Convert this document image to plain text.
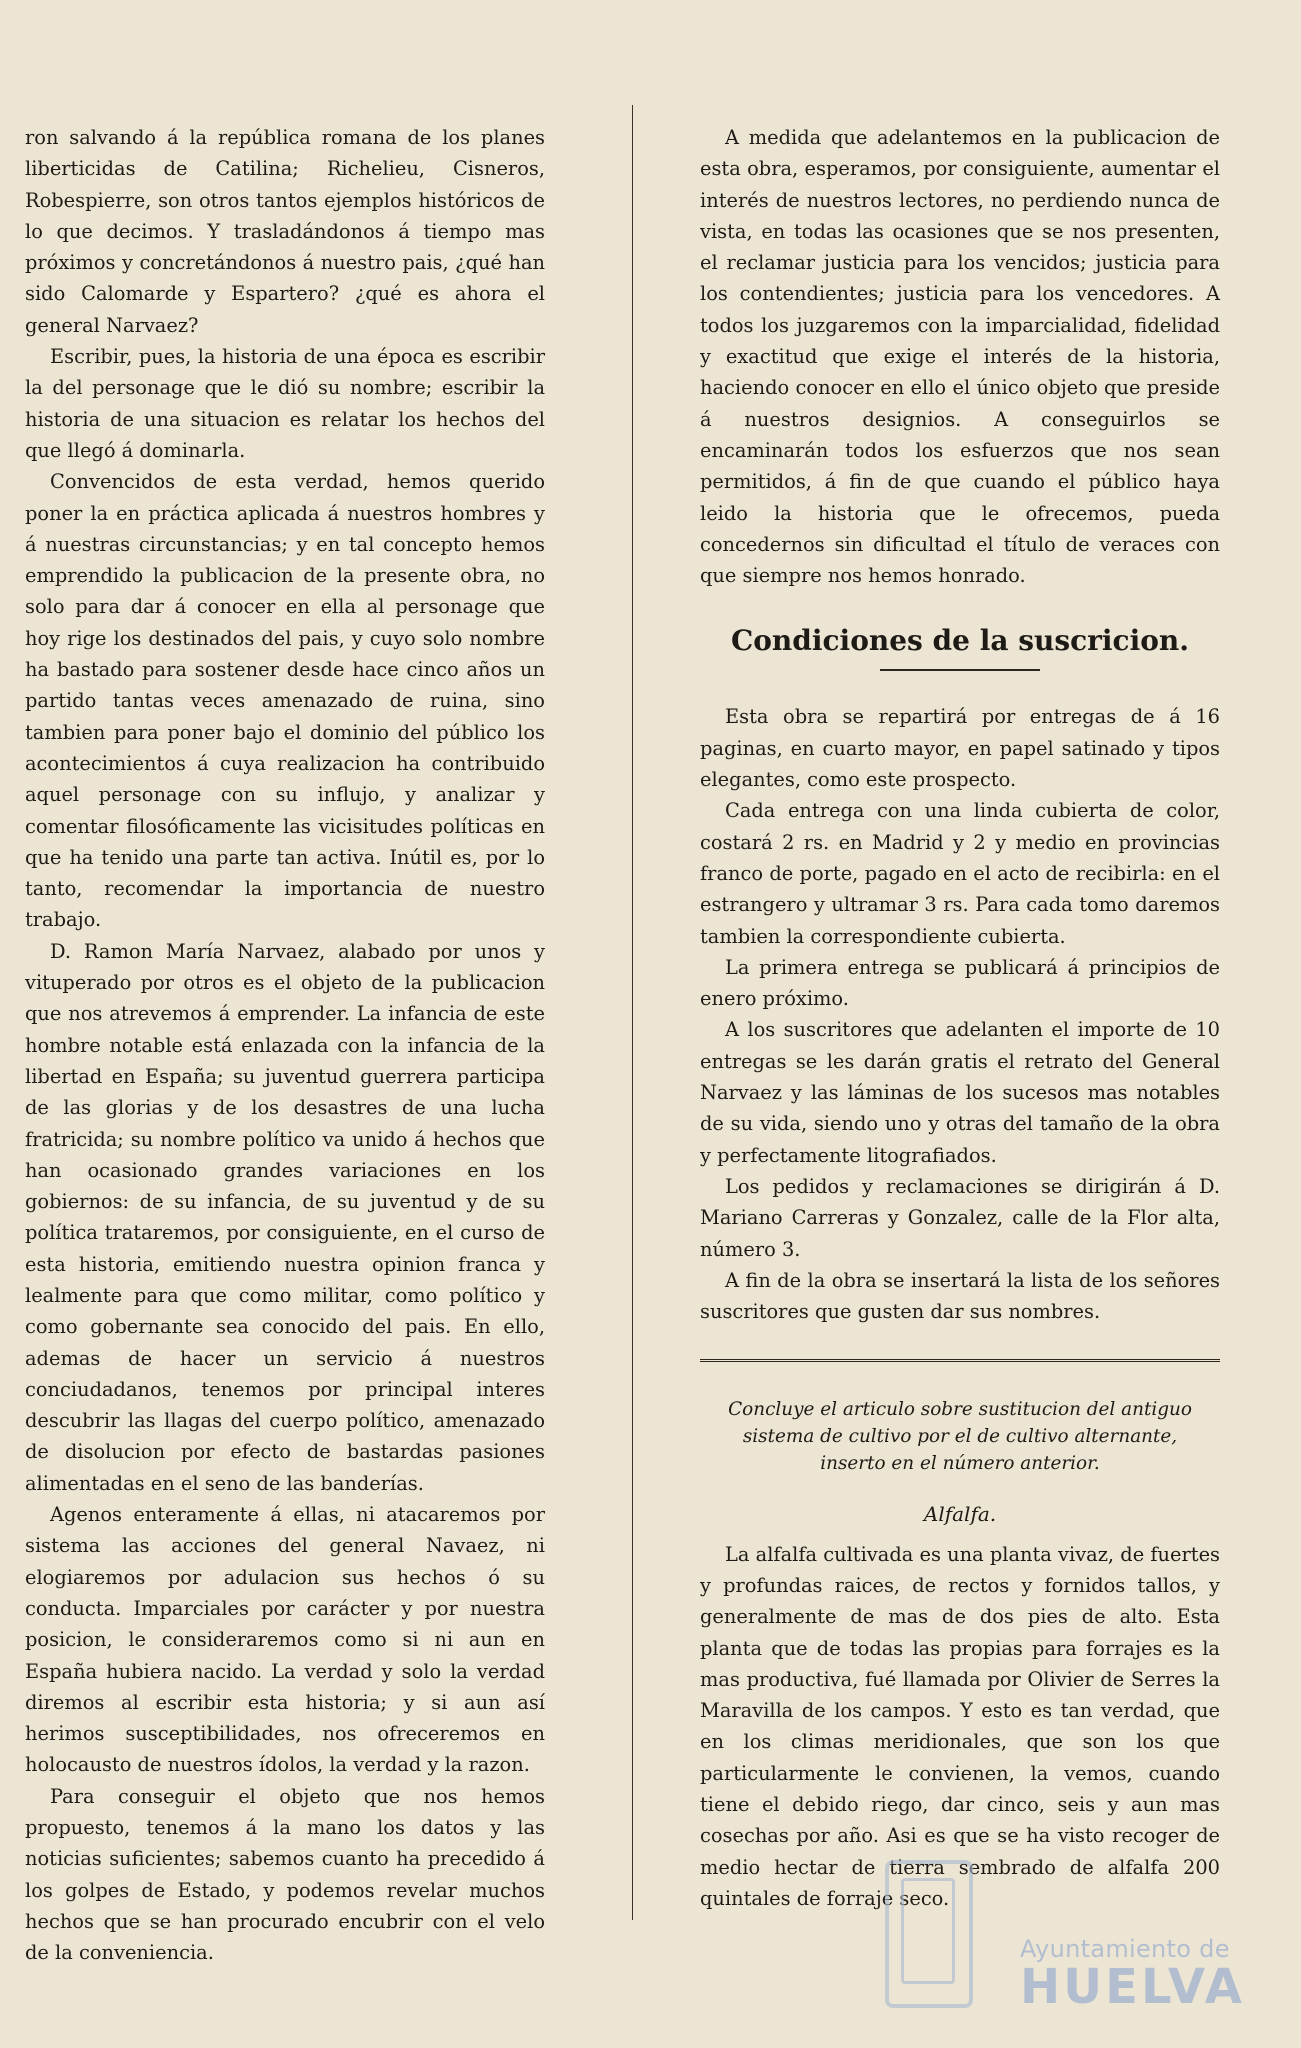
ron salvando á la república romana de los planes liberticidas de Catilina; Richelieu, Cisneros, Robespierre, son otros tantos ejemplos históricos de lo que decimos. Y trasladándonos á tiempo mas próximos y concretándonos á nuestro pais, ¿qué han sido Calomarde y Espartero? ¿qué es ahora el general Narvaez?

Escribir, pues, la historia de una época es escribir la del personage que le dió su nombre; escribir la historia de una situacion es relatar los hechos del que llegó á dominarla.

Convencidos de esta verdad, hemos querido poner la en práctica aplicada á nuestros hombres y á nuestras circunstancias; y en tal concepto hemos emprendido la publicacion de la presente obra, no solo para dar á conocer en ella al personage que hoy rige los destinados del pais, y cuyo solo nombre ha bastado para sostener desde hace cinco años un partido tantas veces amenazado de ruina, sino tambien para poner bajo el dominio del público los acontecimientos á cuya realizacion ha contribuido aquel personage con su influjo, y analizar y comentar filosóficamente las vicisitudes políticas en que ha tenido una parte tan activa. Inútil es, por lo tanto, recomendar la importancia de nuestro trabajo.

D. Ramon María Narvaez, alabado por unos y vituperado por otros es el objeto de la publicacion que nos atrevemos á emprender. La infancia de este hombre notable está enlazada con la infancia de la libertad en España; su juventud guerrera participa de las glorias y de los desastres de una lucha fratricida; su nombre político va unido á hechos que han ocasionado grandes variaciones en los gobiernos: de su infancia, de su juventud y de su política trataremos, por consiguiente, en el curso de esta historia, emitiendo nuestra opinion franca y lealmente para que como militar, como político y como gobernante sea conocido del pais. En ello, ademas de hacer un servicio á nuestros conciudadanos, tenemos por principal interes descubrir las llagas del cuerpo político, amenazado de disolucion por efecto de bastardas pasiones alimentadas en el seno de las banderías.

Agenos enteramente á ellas, ni atacaremos por sistema las acciones del general Navaez, ni elogiaremos por adulacion sus hechos ó su conducta. Imparciales por carácter y por nuestra posicion, le consideraremos como si ni aun en España hubiera nacido. La verdad y solo la verdad diremos al escribir esta historia; y si aun así herimos susceptibilidades, nos ofreceremos en holocausto de nuestros ídolos, la verdad y la razon.

Para conseguir el objeto que nos hemos propuesto, tenemos á la mano los datos y las noticias suficientes; sabemos cuanto ha precedido á los golpes de Estado, y podemos revelar muchos hechos que se han procurado encubrir con el velo de la conveniencia.

A medida que adelantemos en la publicacion de esta obra, esperamos, por consiguiente, aumentar el interés de nuestros lectores, no perdiendo nunca de vista, en todas las ocasiones que se nos presenten, el reclamar justicia para los vencidos; justicia para los contendientes; justicia para los vencedores. A todos los juzgaremos con la imparcialidad, fidelidad y exactitud que exige el interés de la historia, haciendo conocer en ello el único objeto que preside á nuestros designios. A conseguirlos se encaminarán todos los esfuerzos que nos sean permitidos, á fin de que cuando el público haya leido la historia que le ofrecemos, pueda concedernos sin dificultad el título de veraces con que siempre nos hemos honrado.

Condiciones de la suscricion.

Esta obra se repartirá por entregas de á 16 paginas, en cuarto mayor, en papel satinado y tipos elegantes, como este prospecto.

Cada entrega con una linda cubierta de color, costará 2 rs. en Madrid y 2 y medio en provincias franco de porte, pagado en el acto de recibirla: en el estrangero y ultramar 3 rs. Para cada tomo daremos tambien la correspondiente cubierta.

La primera entrega se publicará á principios de enero próximo.

A los suscritores que adelanten el importe de 10 entregas se les darán gratis el retrato del General Narvaez y las láminas de los sucesos mas notables de su vida, siendo uno y otras del tamaño de la obra y perfectamente litografiados.

Los pedidos y reclamaciones se dirigirán á D. Mariano Carreras y Gonzalez, calle de la Flor alta, número 3.

A fin de la obra se insertará la lista de los señores suscritores que gusten dar sus nombres.

Concluye el articulo sobre sustitucion del antiguo sistema de cultivo por el de cultivo alternante, inserto en el número anterior.
Alfalfa.

La alfalfa cultivada es una planta vivaz, de fuertes y profundas raices, de rectos y fornidos tallos, y generalmente de mas de dos pies de alto. Esta planta que de todas las propias para forrajes es la mas productiva, fué llamada por Olivier de Serres la Maravilla de los campos. Y esto es tan verdad, que en los climas meridionales, que son los que particularmente le convienen, la vemos, cuando tiene el debido riego, dar cinco, seis y aun mas cosechas por año. Asi es que se ha visto recoger de medio hectar de tierra sembrado de alfalfa 200 quintales de forraje seco.

Ayuntamiento de
HUELVA
